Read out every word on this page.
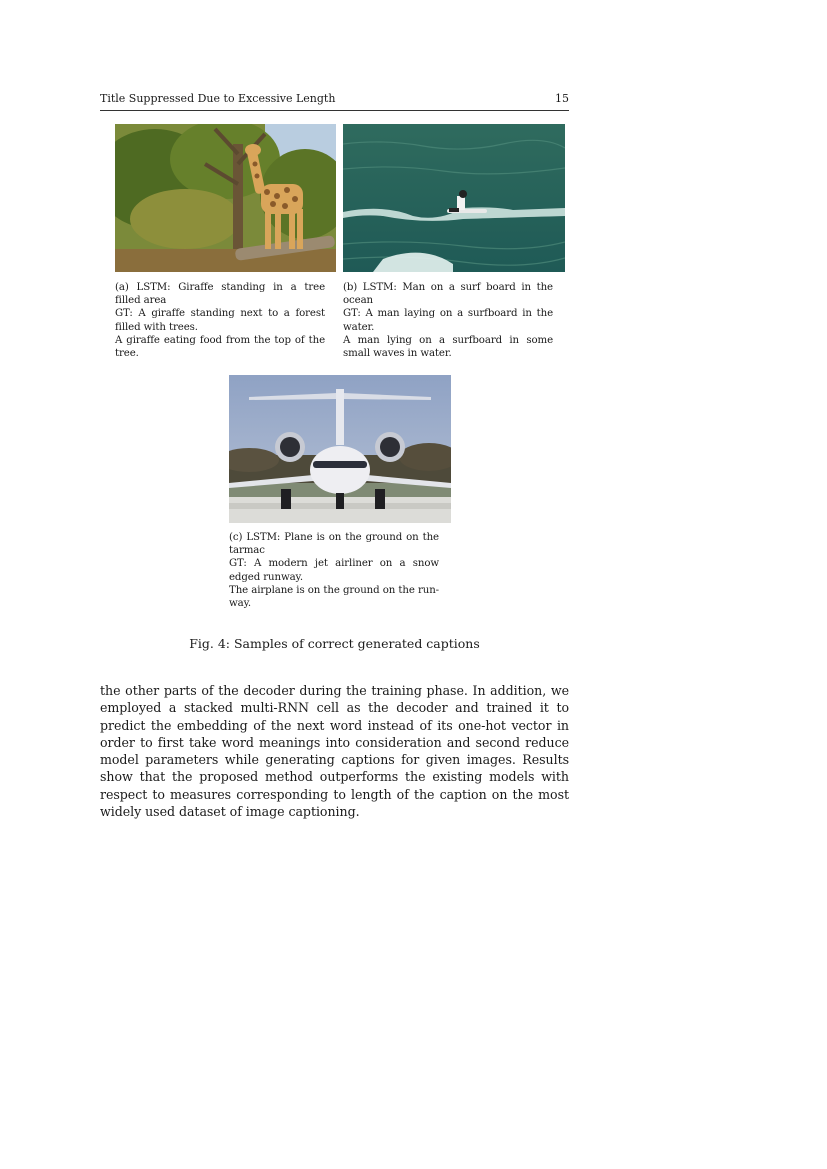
Title Suppressed Due to Excessive Length	15
(a) LSTM: Giraffe standing in a tree filled area
GT: A giraffe standing next to a forest filled with trees.
A giraffe eating food from the top of the tree.
(b) LSTM: Man on a surf board in the ocean
GT: A man laying on a surfboard in the water.
A man lying on a surfboard in some small waves in water.
(c) LSTM: Plane is on the ground on the tarmac
GT: A modern jet airliner on a snow edged runway.
The airplane is on the ground on the run-way.
Fig. 4: Samples of correct generated captions
the other parts of the decoder during the training phase. In addition, we employed a stacked multi-RNN cell as the decoder and trained it to predict the embedding of the next word instead of its one-hot vector in order to first take word meanings into consideration and second reduce model parameters while generating captions for given images. Results show that the proposed method outperforms the existing models with respect to measures corresponding to length of the caption on the most widely used dataset of image captioning.
